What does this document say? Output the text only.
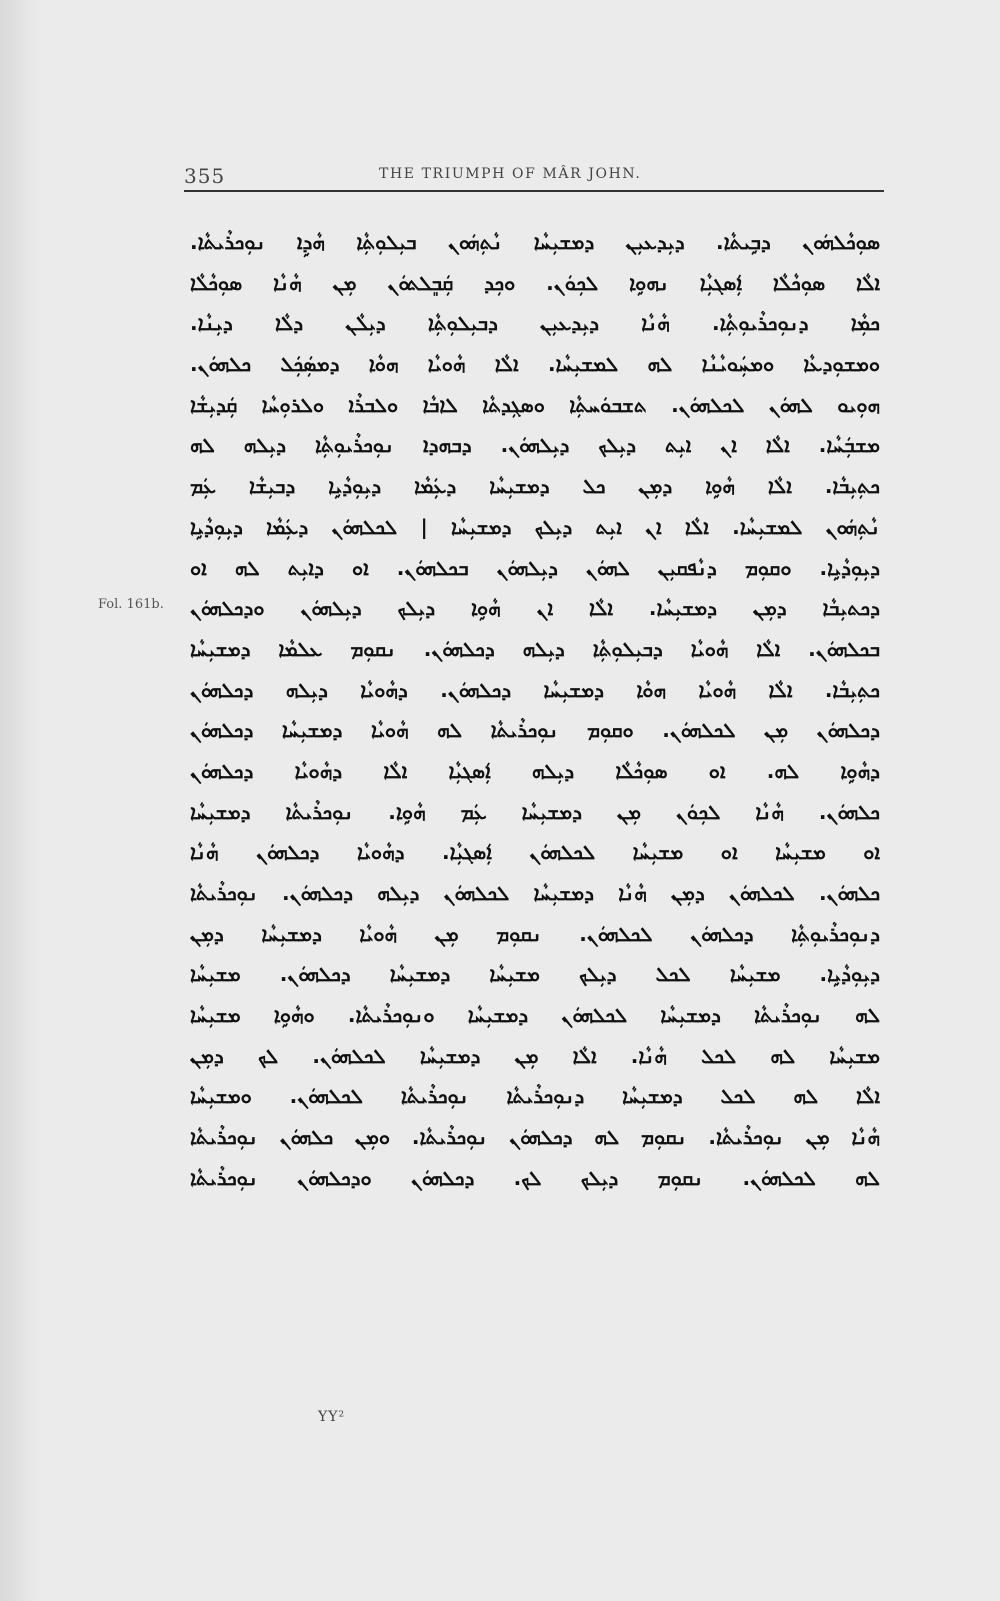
355	THE TRIUMPH OF MÂR JOHN.
Fol. 161b.
ܣܘܼܟܵܠܗܿܘܢ ܕܒܹܝܬܵܐ. ܕܝܼܕܥܝܼܢ ܕܡܫܝܼܚܵܐ ܢܵܬܼܗܿܘܢ ܒܝܼܠܘܼܬܼܵܐ ܗܵܕܹܐ ܢܘܼܟܪܵܝܬܵܐ.
ܐܠܵܐ ܣܘܼܟܵܠܵܐ ܐܲܣܓܝܼܵܐ ܢܗܘܹܐ ܠܟܼܘܿܢ. ܘܟܼܕ ܩܲܒܸܠܬܘܿܢ ܡܼܢ ܗܵܢܵܐ ܣܘܼܟܵܠܵܐ
ܟܡܼܵܐ ܕܢܘܼܟܪܵܝܘܼܬܼܵܐ. ܗܵܢܵܐ ܕܝܼܕܥܝܼܢ ܕܒܝܼܠܘܼܬܼܵܐ ܕܝܼܠܵܢ ܕܠܵܐ ܕܝܼܢܵܐ.
ܘܡܫܘܼܕܥܵܐ ܘܡܚܲܘܝܵܢܵܐ ܠܗ ܠܡܫܝܼܚܵܐ. ܐܠܵܐ ܗܵܘܝܵܐ ܗܘܵܐ ܕܡܣܲܟܲܠ ܟܠܗܘܿܢ.
ܗܘܼܝܘ ܠܗܘܿܢ ܠܟܠܗܘܿܢ. ܬܫܒܘܿܚܬܼܵܐ ܘܣܓܼܕܬܵܐ ܠܐܒܵܐ ܘܠܒܪܵܐ ܘܠܪܘܼܚܵܐ ܩܲܕܝܼܫܵܐ
ܡܫܒܲܚܵܐ. ܐܠܵܐ ܐܢ ܐܝܼܬ ܕܝܼܠܟ ܕܝܼܠܗܘܿܢ. ܕܒܗܕܐ ܢܘܼܟܪܵܝܘܼܬܼܵܐ ܕܝܼܠܗ ܠܗ
ܟܬܼܝܼܒܵܐ. ܐܠܵܐ ܗܵܘܹܐ ܕܡܼܢ ܟܠ ܕܡܫܝܼܚܵܐ ܕܥܲܡܵܐ ܕܝܼܘܼܕܵܝܹܐ ܕܒܝܼܫܵܐ ܥܲܡ
ܢܵܬܼܗܿܘܢ ܠܡܫܝܼܚܵܐ. ܐܠܵܐ ܐܢ ܐܝܼܬ ܕܝܼܠܟ ܕܡܫܝܼܚܵܐ | ܠܟܠܗܘܿܢ ܕܥܲܡܵܐ ܕܝܼܘܼܕܵܝܹܐ
ܕܝܼܘܼܕܵܝܹܐ. ܘܩܘܼܡ ܕܢܵܦܩܝܼܢ ܠܗܘܿܢ ܕܝܼܠܗܘܿܢ ܒܟܠܗܘܿܢ. ܐܘ ܕܐܝܼܬ ܠܗ ܐܘ
ܕܟܬܝܼܒܵܐ ܕܡܼܢ ܕܡܫܝܼܚܵܐ. ܐܠܵܐ ܐܢ ܗܵܘܹܐ ܕܝܼܠܟ ܕܝܼܠܗܘܿܢ ܘܕܟܠܗܘܿܢ
ܒܟܠܗܘܿܢ. ܐܠܵܐ ܗܵܘܝܵܐ ܕܒܝܼܠܘܼܬܼܵܐ ܕܝܼܠܗ ܕܟܠܗܘܿܢ. ܢܩܘܼܡ ܥܠܡܵܐ ܕܡܫܝܼܚܵܐ
ܟܬܼܝܼܒܵܐ. ܐܠܵܐ ܗܵܘܝܵܐ ܗܘܵܐ ܕܡܫܝܼܚܵܐ ܕܟܠܗܘܿܢ. ܕܗܵܘܝܵܐ ܕܝܼܠܗ ܕܟܠܗܘܿܢ
ܕܟܠܗܘܿܢ ܡܼܢ ܠܟܠܗܘܿܢ. ܘܩܘܼܡ ܢܘܼܟܪܵܝܬܵܐ ܠܗ ܗܵܘܝܵܐ ܕܡܫܝܼܚܵܐ ܕܟܠܗܘܿܢ
ܕܗܵܘܹܐ ܠܗ. ܐܘ ܣܘܼܟܵܠܵܐ ܕܝܼܠܗ ܐܲܣܓܝܼܵܐ ܐܠܵܐ ܕܗܵܘܝܵܐ ܕܟܠܗܘܿܢ
ܟܠܗܘܿܢ. ܗܵܢܵܐ ܠܟܼܘܿܢ ܡܼܢ ܕܡܫܝܼܚܵܐ ܥܲܡ ܗܵܘܹܐ. ܢܘܼܟܪܵܝܬܵܐ ܕܡܫܝܼܚܵܐ
ܐܘ ܡܫܝܼܚܵܐ ܐܘ ܡܫܝܼܚܵܐ ܠܟܠܗܘܿܢ ܐܲܣܓܝܼܵܐ. ܕܗܵܘܝܵܐ ܕܟܠܗܘܿܢ ܗܵܢܵܐ
ܟܠܗܘܿܢ. ܠܟܠܗܘܿܢ ܕܡܼܢ ܗܵܢܵܐ ܕܡܫܝܼܚܵܐ ܠܟܠܗܘܿܢ ܕܝܼܠܗ ܕܟܠܗܘܿܢ. ܢܘܼܟܪܵܝܬܵܐ
ܕܢܘܼܟܪܵܝܘܼܬܼܵܐ ܕܟܠܗܘܿܢ ܠܟܠܗܘܿܢ. ܢܩܘܼܡ ܡܼܢ ܗܵܘܝܵܐ ܕܡܫܝܼܚܵܐ ܕܡܼܢ
ܕܝܼܘܼܕܵܝܹܐ. ܡܫܝܼܚܵܐ ܠܟܠ ܕܝܼܠܟ ܡܫܝܼܚܵܐ ܕܡܫܝܼܚܵܐ ܕܟܠܗܘܿܢ. ܡܫܝܼܚܵܐ
ܠܗ ܢܘܼܟܪܵܝܬܵܐ ܕܡܫܝܼܚܵܐ ܠܟܠܗܘܿܢ ܕܡܫܝܼܚܵܐ ܘܢܘܼܟܪܵܝܬܵܐ. ܘܗܵܘܹܐ ܡܫܝܼܚܵܐ
ܡܫܝܼܚܵܐ ܠܗ ܠܟܠ ܗܵܢܵܐ. ܐܠܵܐ ܡܼܢ ܕܡܫܝܼܚܵܐ ܠܟܠܗܘܿܢ. ܠܟ ܕܡܼܢ
ܐܠܵܐ ܠܗ ܠܟܠ ܕܡܫܝܼܚܵܐ ܕܢܘܼܟܪܵܝܬܵܐ ܢܘܼܟܪܵܝܬܵܐ ܠܟܠܗܘܿܢ. ܘܡܫܝܼܚܵܐ
ܗܵܢܵܐ ܡܼܢ ܢܘܼܟܪܵܝܬܵܐ. ܢܩܘܼܡ ܠܗ ܕܟܠܗܘܿܢ ܢܘܼܟܪܵܝܬܵܐ. ܘܡܼܢ ܟܠܗܘܿܢ ܢܘܼܟܪܵܝܬܵܐ
ܠܗ ܠܟܠܗܘܿܢ. ܢܩܘܼܡ ܕܝܼܠܟ ܠܟ. ܕܟܠܗܘܿܢ ܘܕܟܠܗܘܿܢ ܢܘܼܟܪܵܝܬܵܐ
YY²
